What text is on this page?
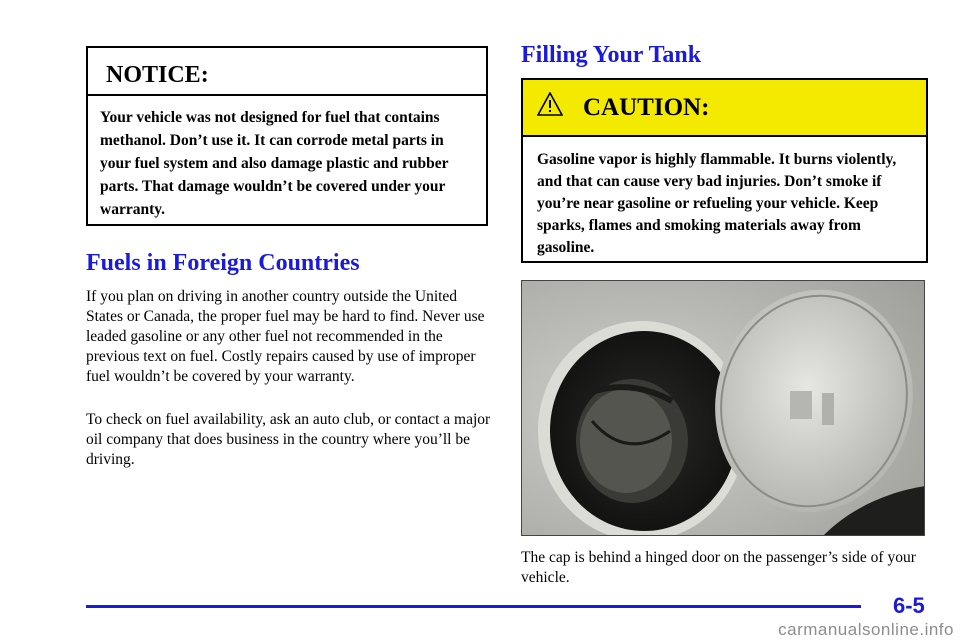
NOTICE:
Your vehicle was not designed for fuel that contains methanol. Don’t use it. It can corrode metal parts in your fuel system and also damage plastic and rubber parts. That damage wouldn’t be covered under your warranty.
Fuels in Foreign Countries

If you plan on driving in another country outside the United States or Canada, the proper fuel may be hard to find. Never use leaded gasoline or any other fuel not recommended in the previous text on fuel. Costly repairs caused by use of improper fuel wouldn’t be covered by your warranty.

To check on fuel availability, ask an auto club, or contact a major oil company that does business in the country where you’ll be driving.

Filling Your Tank
CAUTION:
Gasoline vapor is highly flammable. It burns violently, and that can cause very bad injuries. Don’t smoke if you’re near gasoline or refueling your vehicle. Keep sparks, flames and smoking materials away from gasoline.

The cap is behind a hinged door on the passenger’s side of your vehicle.

6-5
carmanualsonline.info
